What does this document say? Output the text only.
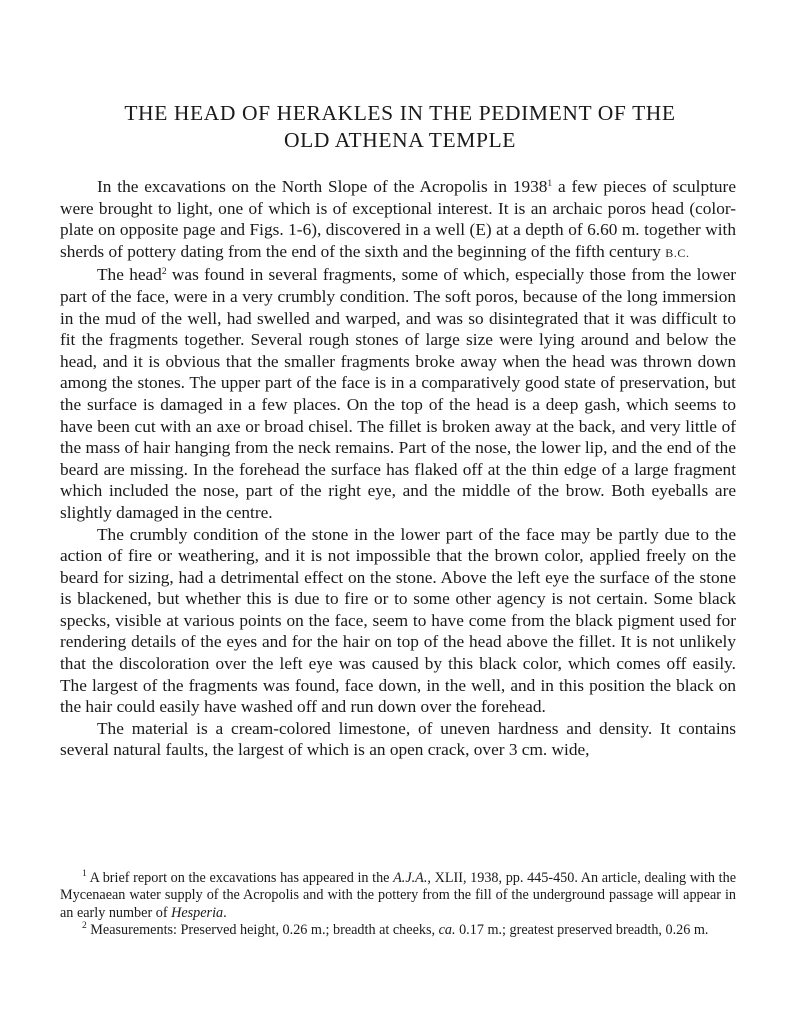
THE HEAD OF HERAKLES IN THE PEDIMENT OF THE
OLD ATHENA TEMPLE

In the excavations on the North Slope of the Acropolis in 1938$^1$ a few pieces of sculpture were brought to light, one of which is of exceptional interest. It is an archaic poros head (color-plate on opposite page and Figs. 1-6), discovered in a well (E) at a depth of 6.60 m. together with sherds of pottery dating from the end of the sixth and the beginning of the fifth century B.C.

The head$^2$ was found in several fragments, some of which, especially those from the lower part of the face, were in a very crumbly condition. The soft poros, because of the long immersion in the mud of the well, had swelled and warped, and was so disintegrated that it was difficult to fit the fragments together. Several rough stones of large size were lying around and below the head, and it is obvious that the smaller fragments broke away when the head was thrown down among the stones. The upper part of the face is in a comparatively good state of preservation, but the surface is damaged in a few places. On the top of the head is a deep gash, which seems to have been cut with an axe or broad chisel. The fillet is broken away at the back, and very little of the mass of hair hanging from the neck remains. Part of the nose, the lower lip, and the end of the beard are missing. In the forehead the surface has flaked off at the thin edge of a large fragment which included the nose, part of the right eye, and the middle of the brow. Both eyeballs are slightly damaged in the centre.

The crumbly condition of the stone in the lower part of the face may be partly due to the action of fire or weathering, and it is not impossible that the brown color, applied freely on the beard for sizing, had a detrimental effect on the stone. Above the left eye the surface of the stone is blackened, but whether this is due to fire or to some other agency is not certain. Some black specks, visible at various points on the face, seem to have come from the black pigment used for rendering details of the eyes and for the hair on top of the head above the fillet. It is not unlikely that the discoloration over the left eye was caused by this black color, which comes off easily. The largest of the fragments was found, face down, in the well, and in this position the black on the hair could easily have washed off and run down over the forehead.

The material is a cream-colored limestone, of uneven hardness and density. It contains several natural faults, the largest of which is an open crack, over 3 cm. wide,

$^1$ A brief report on the excavations has appeared in the A.J.A., XLII, 1938, pp. 445-450. An article, dealing with the Mycenaean water supply of the Acropolis and with the pottery from the fill of the underground passage will appear in an early number of Hesperia.

$^2$ Measurements: Preserved height, 0.26 m.; breadth at cheeks, ca. 0.17 m.; greatest preserved breadth, 0.26 m.
